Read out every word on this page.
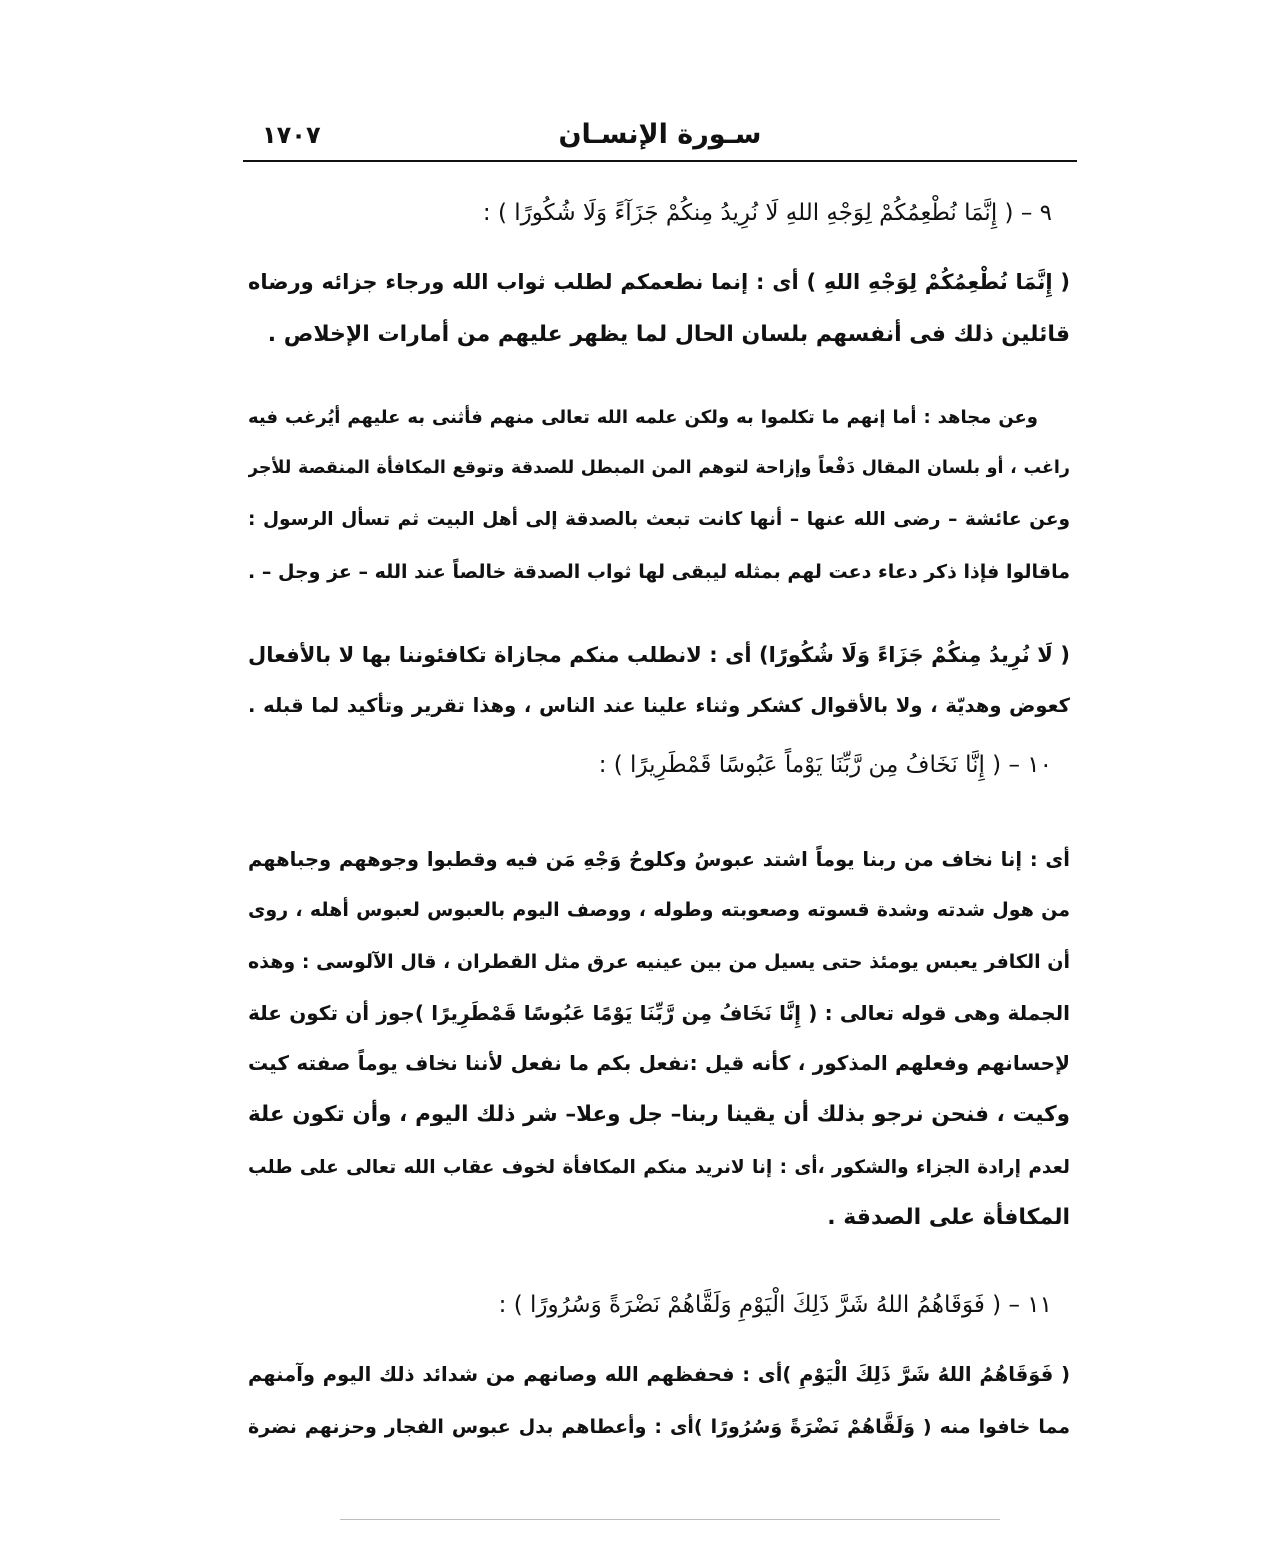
١٧٠٧	سـورة الإنسـان
٩ – ( إِنَّمَا نُطْعِمُكُمْ لِوَجْهِ اللهِ لَا نُرِيدُ مِنكُمْ جَزَآءً وَلَا شُكُورًا ) :
( إِنَّمَا نُطْعِمُكُمْ لِوَجْهِ اللهِ ) أى : إنما نطعمكم لطلب ثواب الله ورجاء جزائه ورضاه
قائلين ذلك فى أنفسهم بلسان الحال لما يظهر عليهم من أمارات الإخلاص .
وعن مجاهد : أما إنهم ما تكلموا به ولكن علمه الله تعالى منهم فأثنى به عليهم أيُرغب فيه
راغب ، أو بلسان المقال دَفْعاً وإزاحة لتوهم المن المبطل للصدقة وتوقع المكافأة المنقصة للأجر
وعن عائشة – رضى الله عنها – أنها كانت تبعث بالصدقة إلى أهل البيت ثم تسأل الرسول :
ماقالوا فإذا ذكر دعاء دعت لهم بمثله ليبقى لها ثواب الصدقة خالصاً عند الله – عز وجل – .
( لَا نُرِيدُ مِنكُمْ جَزَاءً وَلَا شُكُورًا) أى : لانطلب منكم مجازاة تكافئوننا بها لا بالأفعال
كعوض وهديّة ، ولا بالأقوال كشكر وثناء علينا عند الناس ، وهذا تقرير وتأكيد لما قبله .
١٠ – ( إِنَّا نَخَافُ مِن رَّبِّنَا يَوْماً عَبُوسًا قَمْطَرِيرًا ) :
أى : إنا نخاف من ربنا يوماً اشتد عبوسُ وكلوحُ وَجْهِ مَن فيه وقطبوا وجوههم وجباههم
من هول شدته وشدة قسوته وصعوبته وطوله ، ووصف اليوم بالعبوس لعبوس أهله ، روى
أن الكافر يعبس يومئذ حتى يسيل من بين عينيه عرق مثل القطران ، قال الآلوسى : وهذه
الجملة وهى قوله تعالى : ( إِنَّا نَخَافُ مِن رَّبِّنَا يَوْمًا عَبُوسًا قَمْطَرِيرًا )جوز أن تكون علة
لإحسانهم وفعلهم المذكور ، كأنه قيل :نفعل بكم ما نفعل لأننا نخاف يوماً صفته كيت
وكيت ، فنحن نرجو بذلك أن يقينا ربنا– جل وعلا– شر ذلك اليوم ، وأن تكون علة
لعدم إرادة الجزاء والشكور ،أى : إنا لانريد منكم المكافأة لخوف عقاب الله تعالى على طلب
المكافأة على الصدقة .
١١ – ( فَوَقَاهُمُ اللهُ شَرَّ ذَلِكَ الْيَوْمِ وَلَقَّاهُمْ نَضْرَةً وَسُرُورًا ) :
( فَوَقَاهُمُ اللهُ شَرَّ ذَلِكَ الْيَوْمِ )أى : فحفظهم الله وصانهم من شدائد ذلك اليوم وآمنهم
مما خافوا منه ( وَلَقَّاهُمْ نَضْرَةً وَسُرُورًا )أى : وأعطاهم بدل عبوس الفجار وحزنهم نضرة
